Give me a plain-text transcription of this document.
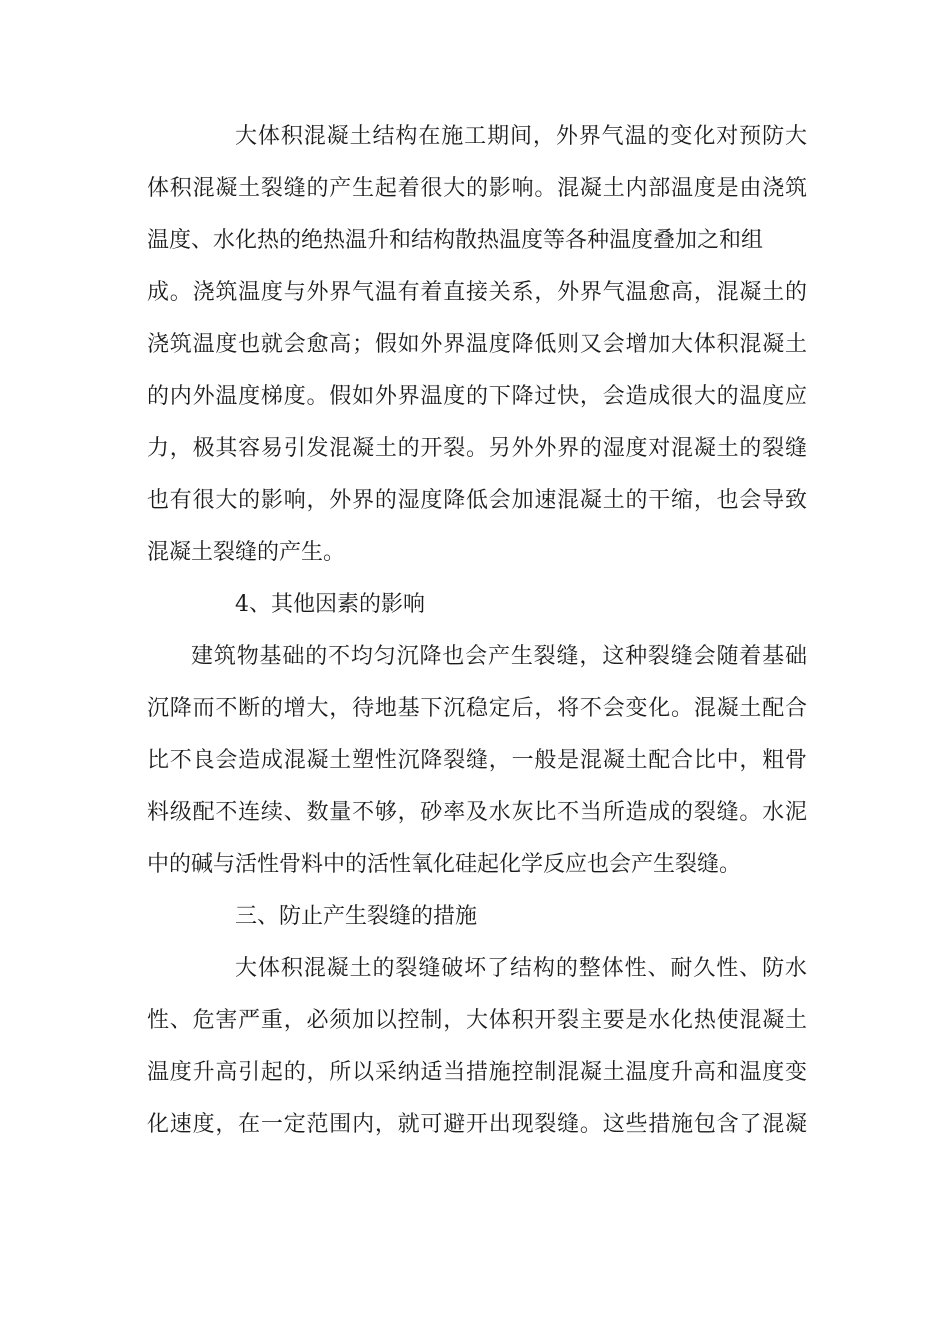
大体积混凝土结构在施工期间，外界气温的变化对预防大
体积混凝土裂缝的产生起着很大的影响。混凝土内部温度是由浇筑
温度、水化热的绝热温升和结构散热温度等各种温度叠加之和组
成。浇筑温度与外界气温有着直接关系，外界气温愈高，混凝土的
浇筑温度也就会愈高；假如外界温度降低则又会增加大体积混凝土
的内外温度梯度。假如外界温度的下降过快，会造成很大的温度应
力，极其容易引发混凝土的开裂。另外外界的湿度对混凝土的裂缝
也有很大的影响，外界的湿度降低会加速混凝土的干缩，也会导致
混凝土裂缝的产生。
4、其他因素的影响
建筑物基础的不均匀沉降也会产生裂缝，这种裂缝会随着基础
沉降而不断的增大，待地基下沉稳定后，将不会变化。混凝土配合
比不良会造成混凝土塑性沉降裂缝，一般是混凝土配合比中，粗骨
料级配不连续、数量不够，砂率及水灰比不当所造成的裂缝。水泥
中的碱与活性骨料中的活性氧化硅起化学反应也会产生裂缝。
三、防止产生裂缝的措施
大体积混凝土的裂缝破坏了结构的整体性、耐久性、防水
性、危害严重，必须加以控制，大体积开裂主要是水化热使混凝土
温度升高引起的，所以采纳适当措施控制混凝土温度升高和温度变
化速度，在一定范围内，就可避开出现裂缝。这些措施包含了混凝
